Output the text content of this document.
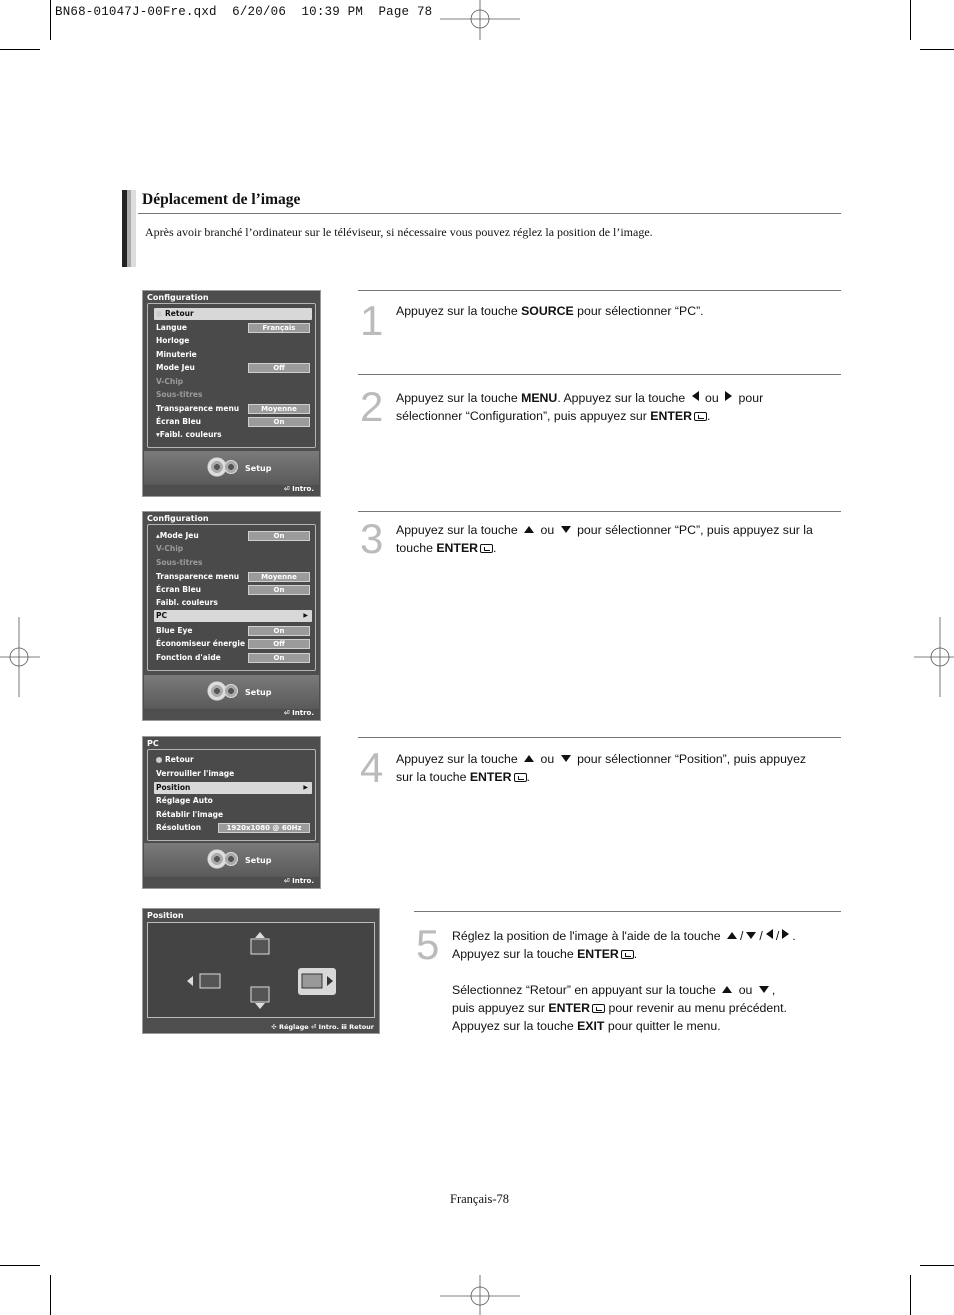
BN68-01047J-00Fre.qxd  6/20/06  10:39 PM  Page 78
Déplacement de l’image
Après avoir branché l’ordinateur sur le téléviseur, si nécessaire vous pouvez réglez la position de l’image.
Configuration
Retour
Langue	Français
Horloge
Minuterie
Mode Jeu	Off
V-Chip
Sous-titres
Transparence menu	Moyenne
Écran Bleu	On
▾Faibl. couleurs
Setup
⏎ Intro.
Configuration
▴Mode Jeu	On
V-Chip
Sous-titres
Transparence menu	Moyenne
Écran Bleu	On
Faibl. couleurs
PC	▶
Blue Eye	On
Économiseur énergie	Off
Fonction d'aide	On
Setup
⏎ Intro.
PC
Retour
Verrouiller l'image
Position	▶
Réglage Auto
Rétablir l'image
Résolution	1920x1080 @ 60Hz
Setup
⏎ Intro.
Position
✣ Réglage ⏎ Intro. ⅲ Retour
1 Appuyez sur la touche SOURCE pour sélectionner “PC”.
2 Appuyez sur la touche MENU. Appuyez sur la touche ou pour
sélectionner “Configuration”, puis appuyez sur ENTER .
3 Appuyez sur la touche ou pour sélectionner “PC”, puis appuyez sur la
touche ENTER .
4 Appuyez sur la touche ou pour sélectionner “Position”, puis appuyez
sur la touche ENTER .
5 Réglez la position de l'image à l'aide de la touche / / / .
Appuyez sur la touche ENTER .

Sélectionnez “Retour” en appuyant sur la touche ou ,
puis appuyez sur ENTER pour revenir au menu précédent.
Appuyez sur la touche EXIT pour quitter le menu.
Français-78
